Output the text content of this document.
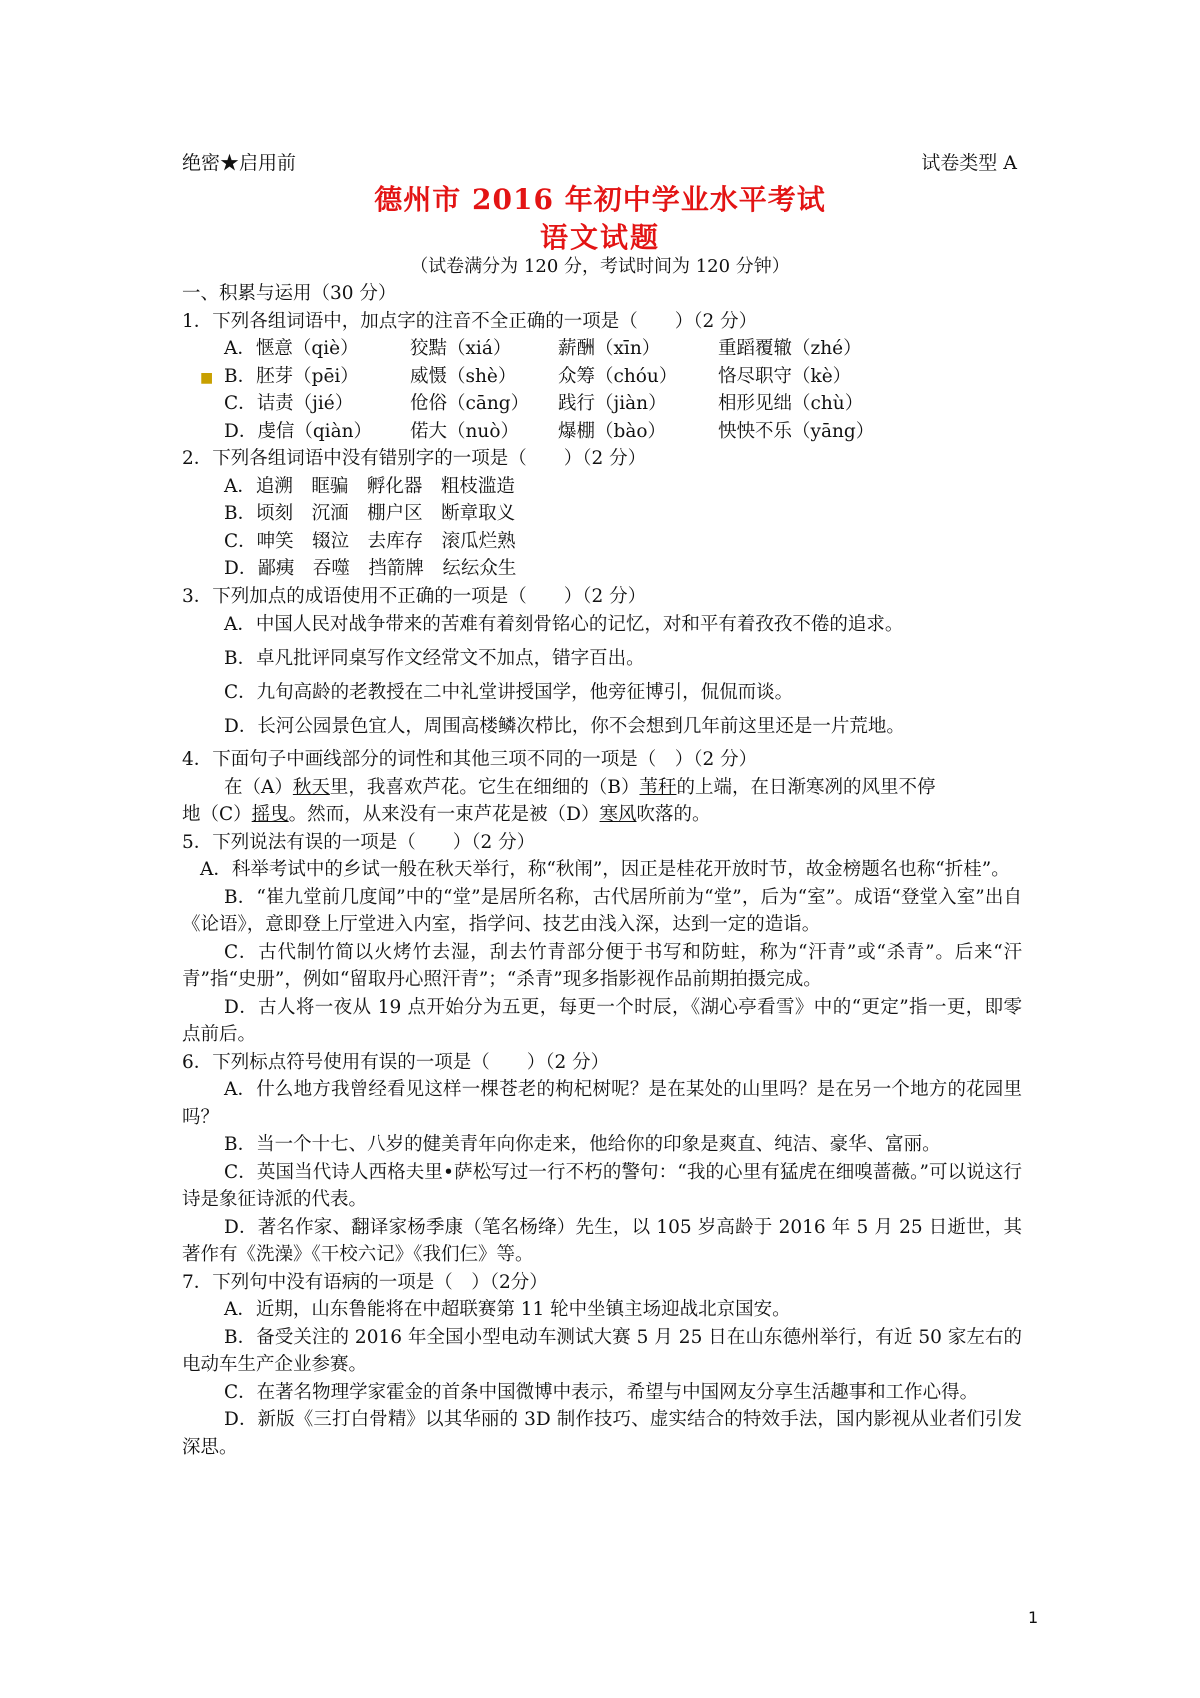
绝密★启用前	试卷类型 A
德州市 2016 年初中学业水平考试
语文试题
（试卷满分为 120 分，考试时间为 120 分钟）
一、积累与运用（30 分）
1．下列各组词语中，加点字的注音不全正确的一项是（　　）（2 分）
A．惬意（qiè）	狡黠（xiá）	薪酬（xīn）	重蹈覆辙（zhé）
■ B．胚芽（pēi）	威慑（shè）	众筹（chóu）	恪尽职守（kè）
C．诘责（jié）	伧俗（cāng）	践行（jiàn）	相形见绌（chù）
D．虔信（qiàn）	偌大（nuò）	爆棚（bào）	怏怏不乐（yāng）
2．下列各组词语中没有错别字的一项是（　　）（2 分）
A．追溯　眶骗　孵化器　粗枝滥造
B．顷刻　沉湎　棚户区　断章取义
C．呻笑　辍泣　去库存　滚瓜烂熟
D．鄙痍　吞噬　挡箭牌　纭纭众生
3．下列加点的成语使用不正确的一项是（　　）（2 分）
A．中国人民对战争带来的苦难有着刻骨铭心的记忆，对和平有着孜孜不倦的追求。
B．卓凡批评同桌写作文经常文不加点，错字百出。
C．九旬高龄的老教授在二中礼堂讲授国学，他旁征博引，侃侃而谈。
D．长河公园景色宜人，周围高楼鳞次栉比，你不会想到几年前这里还是一片荒地。
4．下面句子中画线部分的词性和其他三项不同的一项是（　）（2 分）
在（A）秋天里，我喜欢芦花。它生在细细的（B）苇秆的上端，在日渐寒冽的风里不停
地（C）摇曳。然而，从来没有一束芦花是被（D）寒风吹落的。
5．下列说法有误的一项是（　　）（2 分）

A．科举考试中的乡试一般在秋天举行，称“秋闱”，因正是桂花开放时节，故金榜题名也称“折桂”。

B．“崔九堂前几度闻”中的“堂”是居所名称，古代居所前为“堂”，后为“室”。成语“登堂入室”出自《论语》，意即登上厅堂进入内室，指学问、技艺由浅入深，达到一定的造诣。

C．古代制竹简以火烤竹去湿，刮去竹青部分便于书写和防蛀，称为“汗青”或“杀青”。后来“汗青”指“史册”，例如“留取丹心照汗青”；“杀青”现多指影视作品前期拍摄完成。

D．古人将一夜从 19 点开始分为五更，每更一个时辰，《湖心亭看雪》中的“更定”指一更，即零点前后。

6．下列标点符号使用有误的一项是（　　）（2 分）

A．什么地方我曾经看见这样一棵苍老的枸杞树呢？是在某处的山里吗？是在另一个地方的花园里吗？

B．当一个十七、八岁的健美青年向你走来，他给你的印象是爽直、纯洁、豪华、富丽。

C．英国当代诗人西格夫里•萨松写过一行不朽的警句：“我的心里有猛虎在细嗅蔷薇。”可以说这行诗是象征诗派的代表。

D．著名作家、翻译家杨季康（笔名杨绛）先生，以 105 岁高龄于 2016 年 5 月 25 日逝世，其著作有《洗澡》《干校六记》《我们仨》等。

7．下列句中没有语病的一项是（　）（2分）

A．近期，山东鲁能将在中超联赛第 11 轮中坐镇主场迎战北京国安。

B．备受关注的 2016 年全国小型电动车测试大赛 5 月 25 日在山东德州举行，有近 50 家左右的电动车生产企业参赛。

C．在著名物理学家霍金的首条中国微博中表示，希望与中国网友分享生活趣事和工作心得。

D．新版《三打白骨精》以其华丽的 3D 制作技巧、虚实结合的特效手法，国内影视从业者们引发深思。

1
